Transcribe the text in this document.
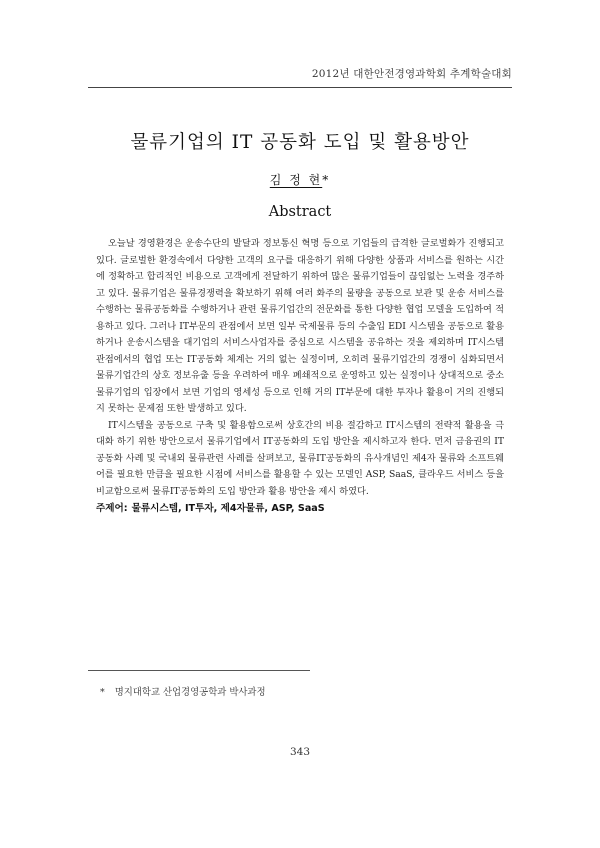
2012년 대한안전경영과학회 추계학술대회
물류기업의 IT 공동화 도입 및 활용방안
김 정 현*
Abstract

오늘날 경영환경은 운송수단의 발달과 정보통신 혁명 등으로 기업들의 급격한 글로벌화가 진행되고 있다. 글로벌한 환경속에서 다양한 고객의 요구를 대응하기 위해 다양한 상품과 서비스를 원하는 시간에 정확하고 합리적인 비용으로 고객에게 전달하기 위하여 많은 물류기업들이 끊임없는 노력을 경주하고 있다. 물류기업은 물류경쟁력을 확보하기 위해 여러 화주의 물량을 공동으로 보관 및 운송 서비스를 수행하는 물류공동화를 수행하거나 관련 물류기업간의 전문화를 통한 다양한 협업 모델을 도입하여 적용하고 있다. 그러나 IT부문의 관점에서 보면 일부 국제물류 등의 수출입 EDI 시스템을 공동으로 활용하거나 운송시스템을 대기업의 서비스사업자를 중심으로 시스템을 공유하는 것을 제외하며 IT시스템 관점에서의 협업 또는 IT공동화 체계는 거의 없는 실정이며, 오히려 물류기업간의 경쟁이 심화되면서 물류기업간의 상호 정보유출 등을 우려하여 매우 폐쇄적으로 운영하고 있는 실정이나 상대적으로 중소물류기업의 입장에서 보면 기업의 영세성 등으로 인해 거의 IT부문에 대한 투자나 활용이 거의 진행되지 못하는 문제점 또한 발생하고 있다.

IT시스템을 공동으로 구축 및 활용함으로써 상호간의 비용 절감하고 IT시스템의 전략적 활용을 극대화 하기 위한 방안으로서 물류기업에서 IT공동화의 도입 방안을 제시하고자 한다. 먼저 금융권의 IT공동화 사례 및 국내외 물류관련 사례를 살펴보고, 물류IT공동화의 유사개념인 제4자 물류와 소프트웨어를 필요한 만큼을 필요한 시점에 서비스를 활용할 수 있는 모델인 ASP, SaaS, 클라우드 서비스 등을 비교함으로써 물류IT공동화의 도입 방안과 활용 방안을 제시 하였다.

주제어: 물류시스템, IT투자, 제4자물류, ASP, SaaS
* 명지대학교 산업경영공학과 박사과정
343
